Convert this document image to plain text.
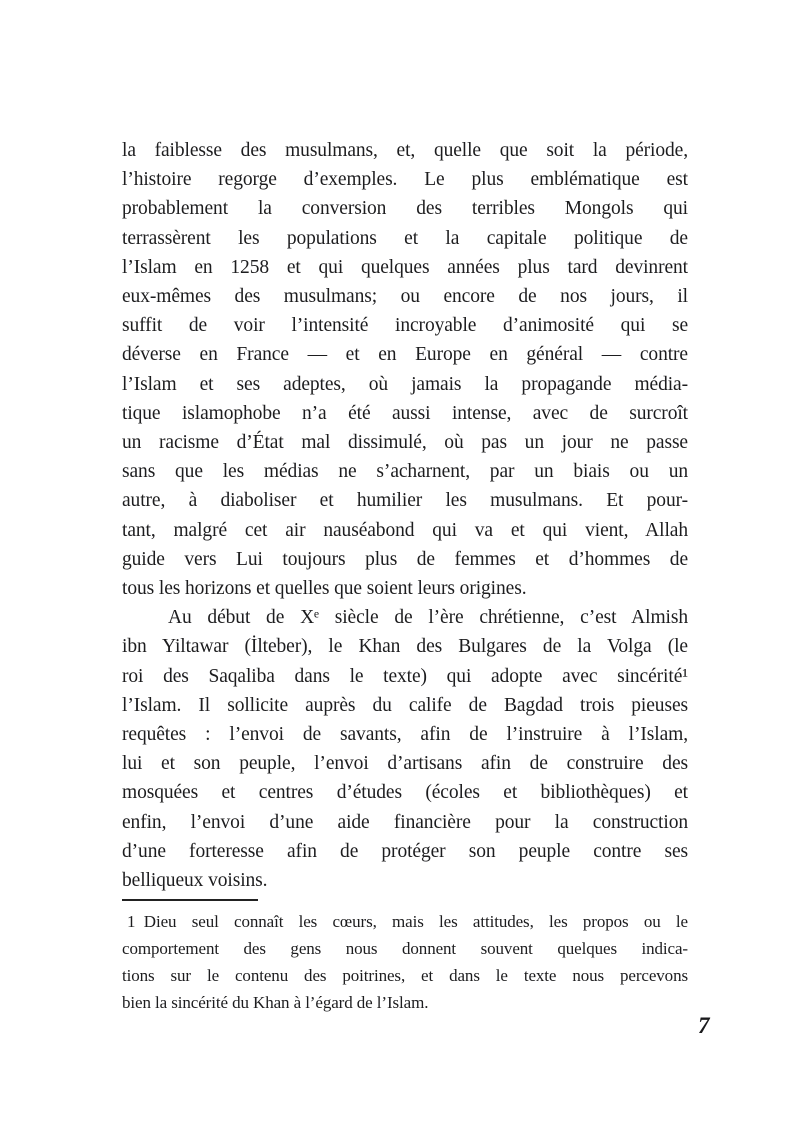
la faiblesse des musulmans, et, quelle que soit la période,
l’histoire regorge d’exemples. Le plus emblématique est
probablement la conversion des terribles Mongols qui
terrassèrent les populations et la capitale politique de
l’Islam en 1258 et qui quelques années plus tard devinrent
eux-mêmes des musulmans; ou encore de nos jours, il
suffit de voir l’intensité incroyable d’animosité qui se
déverse en France — et en Europe en général — contre
l’Islam et ses adeptes, où jamais la propagande média-
tique islamophobe n’a été aussi intense, avec de surcroît
un racisme d’État mal dissimulé, où pas un jour ne passe
sans que les médias ne s’acharnent, par un biais ou un
autre, à diaboliser et humilier les musulmans. Et pour-
tant, malgré cet air nauséabond qui va et qui vient, Allah
guide vers Lui toujours plus de femmes et d’hommes de
tous les horizons et quelles que soient leurs origines.
Au début de Xᵉ siècle de l’ère chrétienne, c’est Almish
ibn Yiltawar (İlteber), le Khan des Bulgares de la Volga (le
roi des Saqaliba dans le texte) qui adopte avec sincérité¹
l’Islam. Il sollicite auprès du calife de Bagdad trois pieuses
requêtes : l’envoi de savants, afin de l’instruire à l’Islam,
lui et son peuple, l’envoi d’artisans afin de construire des
mosquées et centres d’études (écoles et bibliothèques) et
enfin, l’envoi d’une aide financière pour la construction
d’une forteresse afin de protéger son peuple contre ses
belliqueux voisins.
1 Dieu seul connaît les cœurs, mais les attitudes, les propos ou le
comportement des gens nous donnent souvent quelques indica-
tions sur le contenu des poitrines, et dans le texte nous percevons
bien la sincérité du Khan à l’égard de l’Islam.
7
